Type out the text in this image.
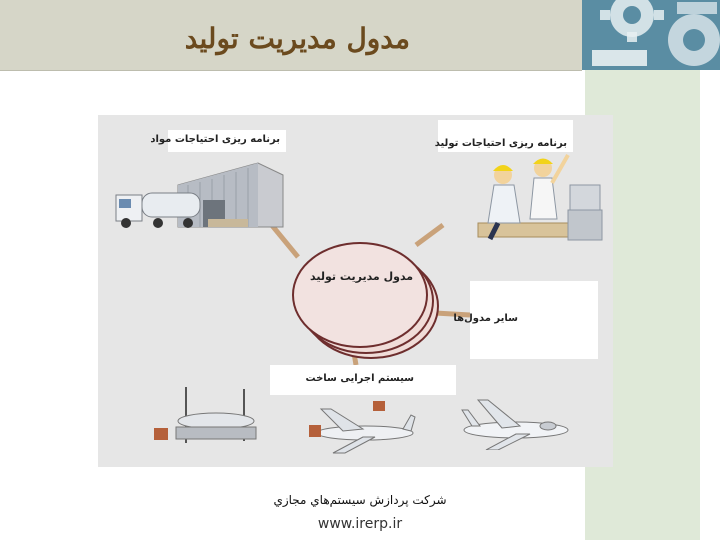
مدول مديريت توليد
برنامه ریزی احتیاجات مواد	برنامه ریزی احتیاجات تولید
مدول مديريت توليد
سایر مدول‌ها
سیستم اجرایی ساخت
شركت پردازش سيستم‌هاي مجازي
www.irerp.ir
